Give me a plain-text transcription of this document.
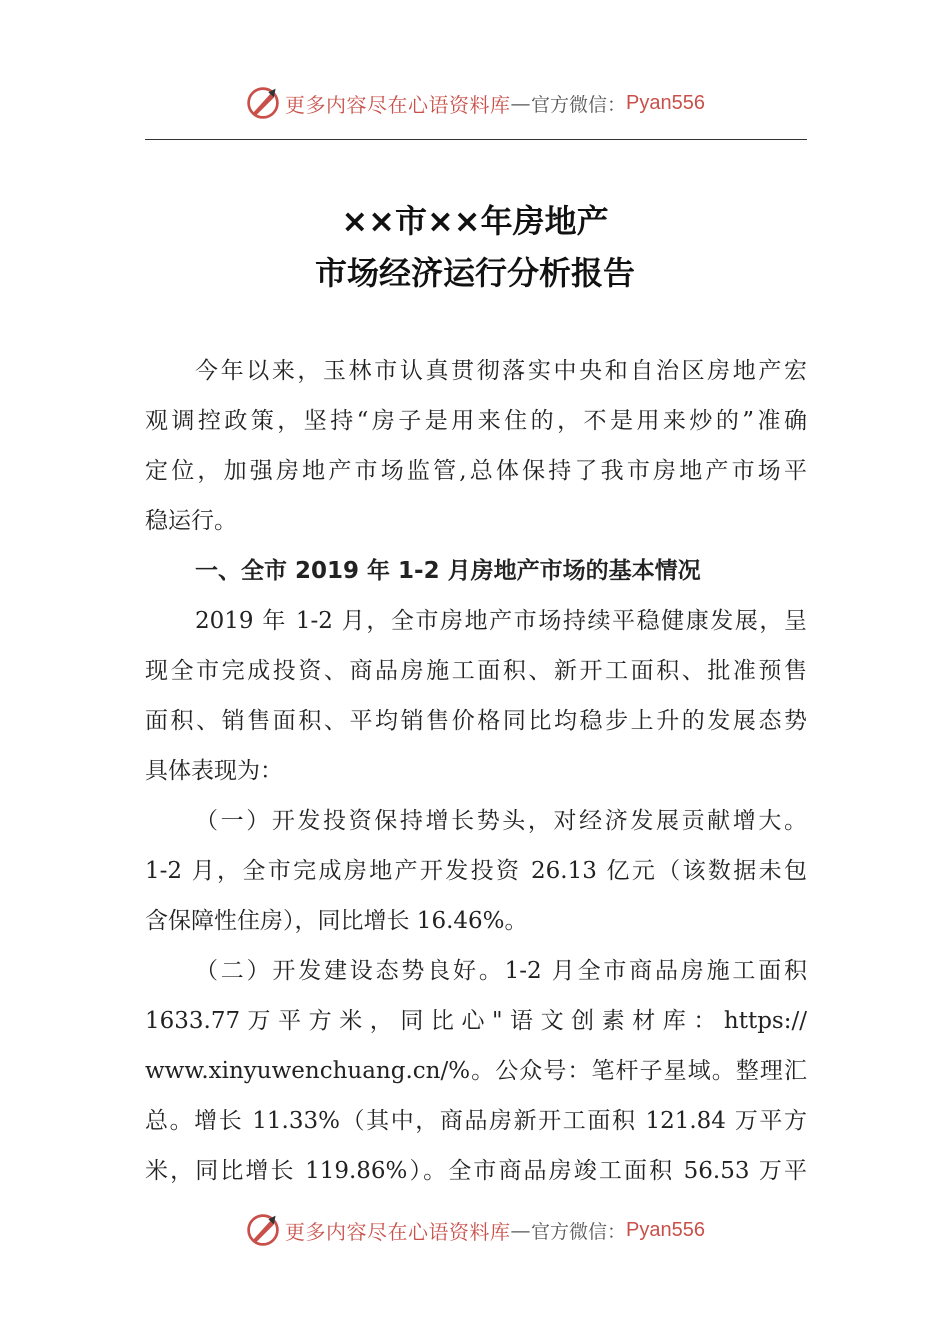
更多内容尽在心语资料库 — 官方微信： Pyan556
××市××年房地产
市场经济运行分析报告
今年以来，玉林市认真贯彻落实中央和自治区房地产宏
观调控政策，坚持“房子是用来住的，不是用来炒的”准确
定位，加强房地产市场监管,总体保持了我市房地产市场平
稳运行。
一、全市 2019 年 1-2 月房地产市场的基本情况
2019 年 1-2 月，全市房地产市场持续平稳健康发展，呈
现全市完成投资、商品房施工面积、新开工面积、批准预售
面积、销售面积、平均销售价格同比均稳步上升的发展态势
具体表现为：
（一）开发投资保持增长势头，对经济发展贡献增大。
1-2 月，全市完成房地产开发投资 26.13 亿元（该数据未包
含保障性住房），同比增长 16.46%。
（二）开发建设态势良好。1-2 月全市商品房施工面积
1633.77 万 平 方 米 ， 同 比 心 " 语 文 创 素 材 库 ： https://
www.xinyuwenchuang.cn/%。公众号：笔杆子星域。整理汇
总。增长 11.33%（其中，商品房新开工面积 121.84 万平方
米，同比增长 119.86%）。全市商品房竣工面积 56.53 万平
更多内容尽在心语资料库 — 官方微信： Pyan556
